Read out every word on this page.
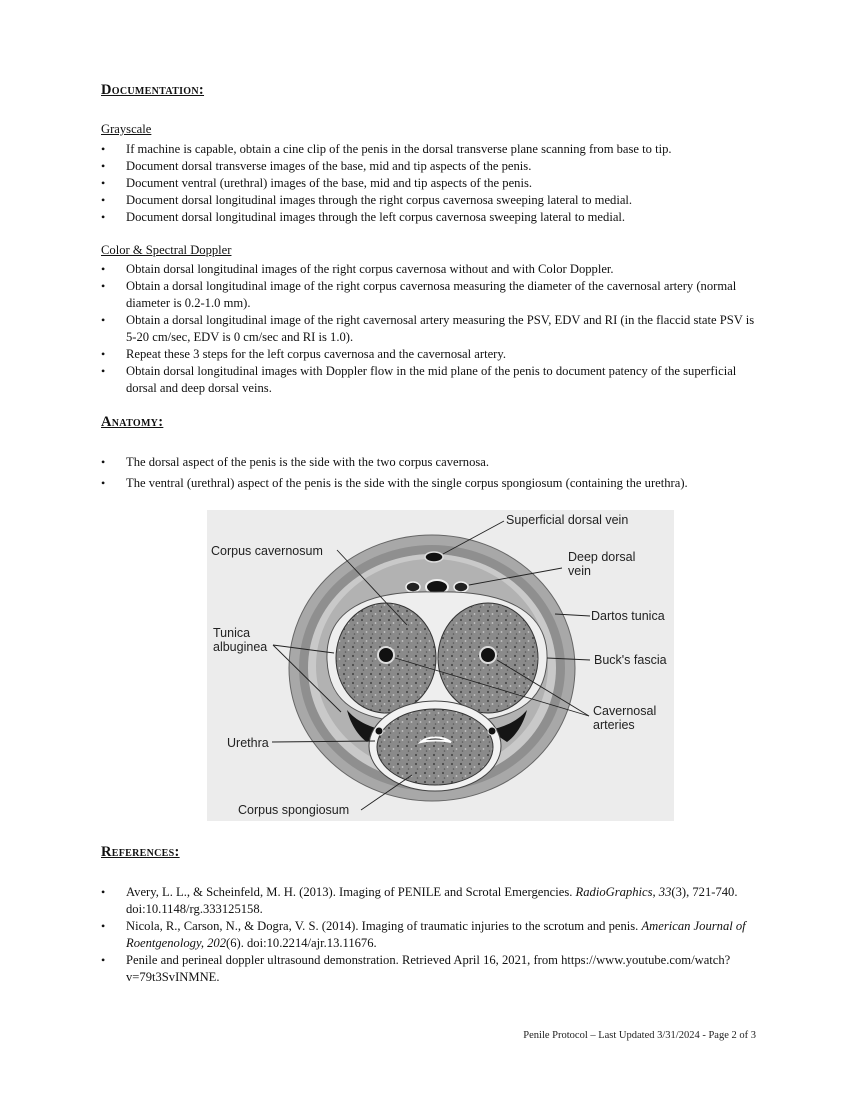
Documentation:
Grayscale
• If machine is capable, obtain a cine clip of the penis in the dorsal transverse plane scanning from base to tip.
• Document dorsal transverse images of the base, mid and tip aspects of the penis.
• Document ventral (urethral) images of the base, mid and tip aspects of the penis.
• Document dorsal longitudinal images through the right corpus cavernosa sweeping lateral to medial.
• Document dorsal longitudinal images through the left corpus cavernosa sweeping lateral to medial.
Color & Spectral Doppler
• Obtain dorsal longitudinal images of the right corpus cavernosa without and with Color Doppler.
• Obtain a dorsal longitudinal image of the right corpus cavernosa measuring the diameter of the cavernosal artery (normal diameter is 0.2-1.0 mm).
• Obtain a dorsal longitudinal image of the right cavernosal artery measuring the PSV, EDV and RI (in the flaccid state PSV is 5-20 cm/sec, EDV is 0 cm/sec and RI is 1.0).
• Repeat these 3 steps for the left corpus cavernosa and the cavernosal artery.
• Obtain dorsal longitudinal images with Doppler flow in the mid plane of the penis to document patency of the superficial dorsal and deep dorsal veins.
Anatomy:
• The dorsal aspect of the penis is the side with the two corpus cavernosa.
• The ventral (urethral) aspect of the penis is the side with the single corpus spongiosum (containing the urethra).
References:
• Avery, L. L., & Scheinfeld, M. H. (2013). Imaging of PENILE and Scrotal Emergencies. RadioGraphics, 33(3), 721-740. doi:10.1148/rg.333125158.
• Nicola, R., Carson, N., & Dogra, V. S. (2014). Imaging of traumatic injuries to the scrotum and penis. American Journal of Roentgenology, 202(6). doi:10.2214/ajr.13.11676.
• Penile and perineal doppler ultrasound demonstration. Retrieved April 16, 2021, from https://www.youtube.com/watch?v=79t3SvINMNE.
Superficial dorsal vein
Corpus cavernosum	Deep dorsal
vein
Dartos tunica
Tunica
albuginea
Buck's fascia
Cavernosal
arteries
Urethra
Corpus spongiosum
Penile Protocol – Last Updated 3/31/2024 - Page 2 of 3
